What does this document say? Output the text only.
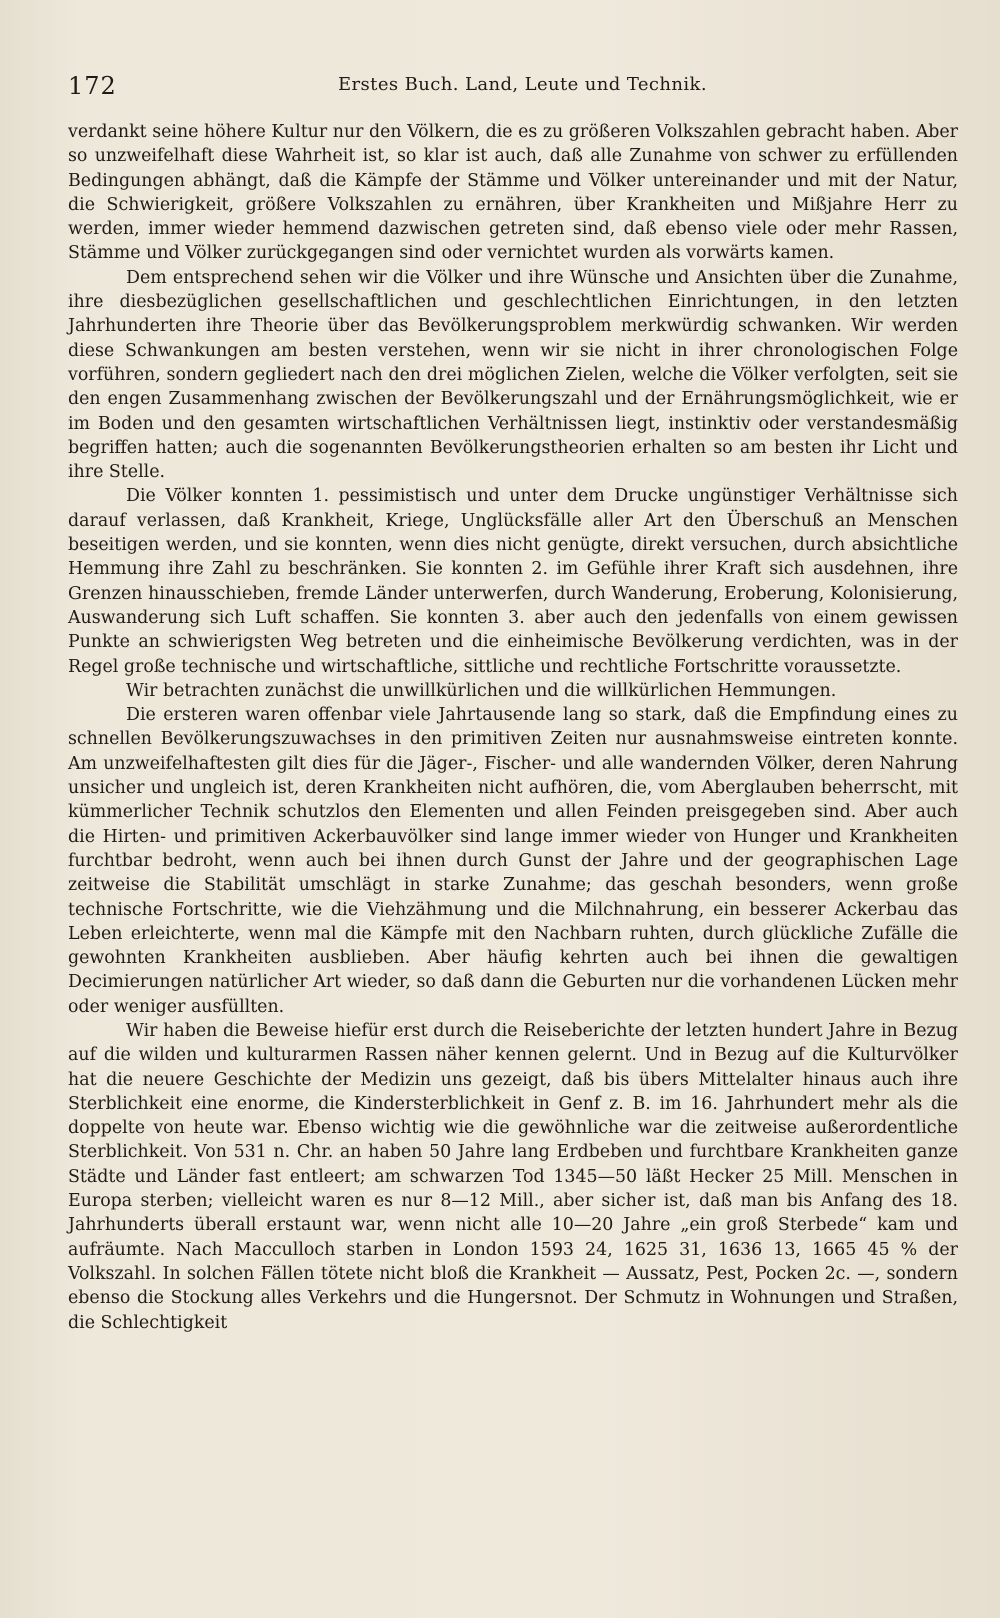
172	Erstes Buch. Land, Leute und Technik.

verdankt seine höhere Kultur nur den Völkern, die es zu größeren Volkszahlen gebracht haben. Aber so unzweifelhaft diese Wahrheit ist, so klar ist auch, daß alle Zunahme von schwer zu erfüllenden Bedingungen abhängt, daß die Kämpfe der Stämme und Völker untereinander und mit der Natur, die Schwierigkeit, größere Volkszahlen zu ernähren, über Krankheiten und Mißjahre Herr zu werden, immer wieder hemmend dazwischen getreten sind, daß ebenso viele oder mehr Rassen, Stämme und Völker zurückgegangen sind oder vernichtet wurden als vorwärts kamen.

Dem entsprechend sehen wir die Völker und ihre Wünsche und Ansichten über die Zunahme, ihre diesbezüglichen gesellschaftlichen und geschlechtlichen Einrichtungen, in den letzten Jahrhunderten ihre Theorie über das Bevölkerungsproblem merkwürdig schwanken. Wir werden diese Schwankungen am besten verstehen, wenn wir sie nicht in ihrer chronologischen Folge vorführen, sondern gegliedert nach den drei möglichen Zielen, welche die Völker verfolgten, seit sie den engen Zusammenhang zwischen der Bevölkerungszahl und der Ernährungsmöglichkeit, wie er im Boden und den gesamten wirtschaftlichen Verhältnissen liegt, instinktiv oder verstandesmäßig begriffen hatten; auch die sogenannten Bevölkerungstheorien erhalten so am besten ihr Licht und ihre Stelle.

Die Völker konnten 1. pessimistisch und unter dem Drucke ungünstiger Verhältnisse sich darauf verlassen, daß Krankheit, Kriege, Unglücksfälle aller Art den Überschuß an Menschen beseitigen werden, und sie konnten, wenn dies nicht genügte, direkt versuchen, durch absichtliche Hemmung ihre Zahl zu beschränken. Sie konnten 2. im Gefühle ihrer Kraft sich ausdehnen, ihre Grenzen hinausschieben, fremde Länder unterwerfen, durch Wanderung, Eroberung, Kolonisierung, Auswanderung sich Luft schaffen. Sie konnten 3. aber auch den jedenfalls von einem gewissen Punkte an schwierigsten Weg betreten und die einheimische Bevölkerung verdichten, was in der Regel große technische und wirtschaftliche, sittliche und rechtliche Fortschritte voraussetzte.

Wir betrachten zunächst die unwillkürlichen und die willkürlichen Hemmungen.

Die ersteren waren offenbar viele Jahrtausende lang so stark, daß die Empfindung eines zu schnellen Bevölkerungszuwachses in den primitiven Zeiten nur ausnahmsweise eintreten konnte. Am unzweifelhaftesten gilt dies für die Jäger-, Fischer- und alle wandernden Völker, deren Nahrung unsicher und ungleich ist, deren Krankheiten nicht aufhören, die, vom Aberglauben beherrscht, mit kümmerlicher Technik schutzlos den Elementen und allen Feinden preisgegeben sind. Aber auch die Hirten- und primitiven Ackerbauvölker sind lange immer wieder von Hunger und Krankheiten furchtbar bedroht, wenn auch bei ihnen durch Gunst der Jahre und der geographischen Lage zeitweise die Stabilität umschlägt in starke Zunahme; das geschah besonders, wenn große technische Fortschritte, wie die Viehzähmung und die Milchnahrung, ein besserer Ackerbau das Leben erleichterte, wenn mal die Kämpfe mit den Nachbarn ruhten, durch glückliche Zufälle die gewohnten Krankheiten ausblieben. Aber häufig kehrten auch bei ihnen die gewaltigen Decimierungen natürlicher Art wieder, so daß dann die Geburten nur die vorhandenen Lücken mehr oder weniger ausfüllten.

Wir haben die Beweise hiefür erst durch die Reiseberichte der letzten hundert Jahre in Bezug auf die wilden und kulturarmen Rassen näher kennen gelernt. Und in Bezug auf die Kulturvölker hat die neuere Geschichte der Medizin uns gezeigt, daß bis übers Mittelalter hinaus auch ihre Sterblichkeit eine enorme, die Kindersterblichkeit in Genf z. B. im 16. Jahrhundert mehr als die doppelte von heute war. Ebenso wichtig wie die gewöhnliche war die zeitweise außerordentliche Sterblichkeit. Von 531 n. Chr. an haben 50 Jahre lang Erdbeben und furchtbare Krankheiten ganze Städte und Länder fast entleert; am schwarzen Tod 1345—50 läßt Hecker 25 Mill. Menschen in Europa sterben; vielleicht waren es nur 8—12 Mill., aber sicher ist, daß man bis Anfang des 18. Jahrhunderts überall erstaunt war, wenn nicht alle 10—20 Jahre „ein groß Sterbede“ kam und aufräumte. Nach Macculloch starben in London 1593 24, 1625 31, 1636 13, 1665 45 % der Volkszahl. In solchen Fällen tötete nicht bloß die Krankheit — Aussatz, Pest, Pocken 2c. —, sondern ebenso die Stockung alles Verkehrs und die Hungersnot. Der Schmutz in Wohnungen und Straßen, die Schlechtigkeit
